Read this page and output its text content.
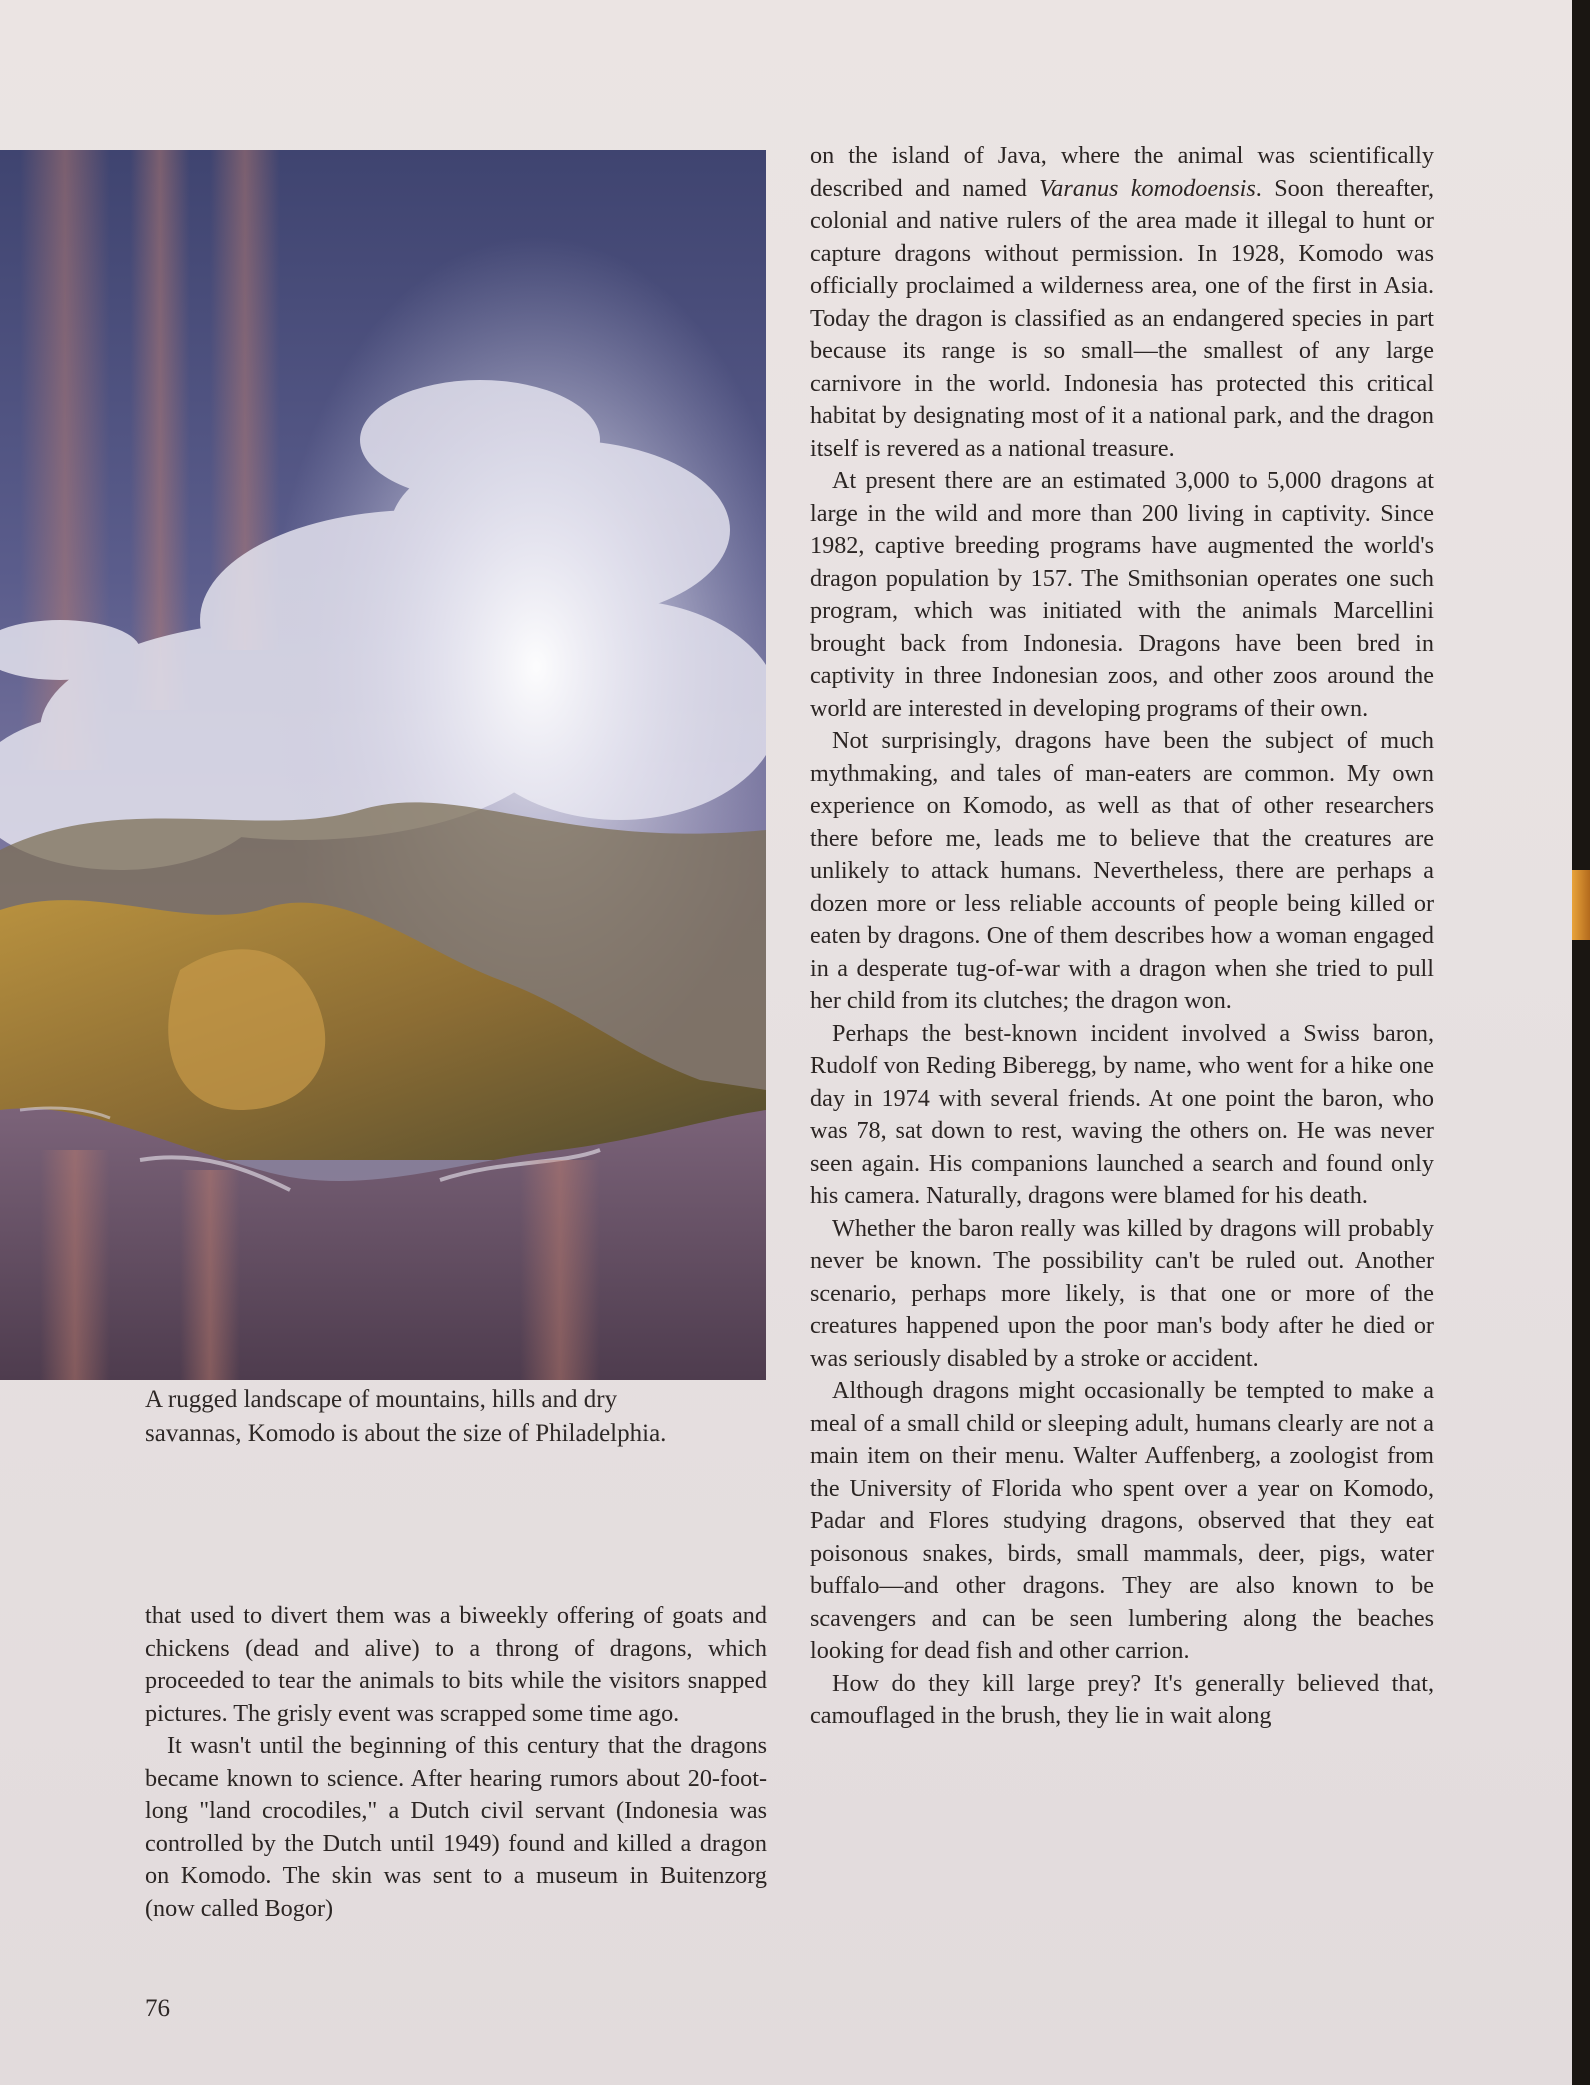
A rugged landscape of mountains, hills and dry

savannas, Komodo is about the size of Philadelphia.

on the island of Java, where the animal was scientifically described and named Varanus komodoensis. Soon thereafter, colonial and native rulers of the area made it illegal to hunt or capture dragons without permission. In 1928, Komodo was officially proclaimed a wilderness area, one of the first in Asia. Today the dragon is classified as an endangered species in part because its range is so small—the smallest of any large carnivore in the world. Indonesia has protected this critical habitat by designating most of it a national park, and the dragon itself is revered as a national treasure.

At present there are an estimated 3,000 to 5,000 dragons at large in the wild and more than 200 living in captivity. Since 1982, captive breeding programs have augmented the world's dragon population by 157. The Smithsonian operates one such program, which was initiated with the animals Marcellini brought back from Indonesia. Dragons have been bred in captivity in three Indonesian zoos, and other zoos around the world are interested in developing programs of their own.

Not surprisingly, dragons have been the subject of much mythmaking, and tales of man-eaters are common. My own experience on Komodo, as well as that of other researchers there before me, leads me to believe that the creatures are unlikely to attack humans. Nevertheless, there are perhaps a dozen more or less reliable accounts of people being killed or eaten by dragons. One of them describes how a woman engaged in a desperate tug-of-war with a dragon when she tried to pull her child from its clutches; the dragon won.

Perhaps the best-known incident involved a Swiss baron, Rudolf von Reding Biberegg, by name, who went for a hike one day in 1974 with several friends. At one point the baron, who was 78, sat down to rest, waving the others on. He was never seen again. His companions launched a search and found only his camera. Naturally, dragons were blamed for his death.

Whether the baron really was killed by dragons will probably never be known. The possibility can't be ruled out. Another scenario, perhaps more likely, is that one or more of the creatures happened upon the poor man's body after he died or was seriously disabled by a stroke or accident.

Although dragons might occasionally be tempted to make a meal of a small child or sleeping adult, humans clearly are not a main item on their menu. Walter Auffenberg, a zoologist from the University of Florida who spent over a year on Komodo, Padar and Flores studying dragons, observed that they eat poisonous snakes, birds, small mammals, deer, pigs, water buffalo—and other dragons. They are also known to be scavengers and can be seen lumbering along the beaches looking for dead fish and other carrion.

How do they kill large prey? It's generally believed that, camouflaged in the brush, they lie in wait along

that used to divert them was a biweekly offering of goats and chickens (dead and alive) to a throng of dragons, which proceeded to tear the animals to bits while the visitors snapped pictures. The grisly event was scrapped some time ago.

It wasn't until the beginning of this century that the dragons became known to science. After hearing rumors about 20-foot-long "land crocodiles," a Dutch civil servant (Indonesia was controlled by the Dutch until 1949) found and killed a dragon on Komodo. The skin was sent to a museum in Buitenzorg (now called Bogor)

76
